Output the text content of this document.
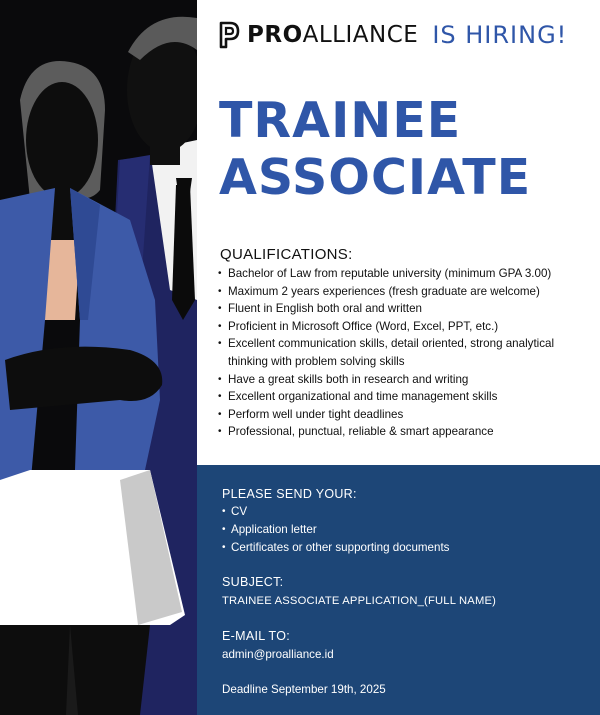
PRO ALLIANCE IS HIRING!
TRAINEE
ASSOCIATE
QUALIFICATIONS:
• Bachelor of Law from reputable university (minimum GPA 3.00)
• Maximum 2 years experiences (fresh graduate are welcome)
• Fluent in English both oral and written
• Proficient in Microsoft Office (Word, Excel, PPT, etc.)
• Excellent communication skills, detail oriented, strong analytical thinking with problem solving skills
• Have a great skills both in research and writing
• Excellent organizational and time management skills
• Perform well under tight deadlines
• Professional, punctual, reliable & smart appearance
PLEASE SEND YOUR:
• CV
• Application letter
• Certificates or other supporting documents
SUBJECT:
TRAINEE ASSOCIATE APPLICATION_(FULL NAME)
E-MAIL TO:
admin@proalliance.id
Deadline September 19th, 2025
